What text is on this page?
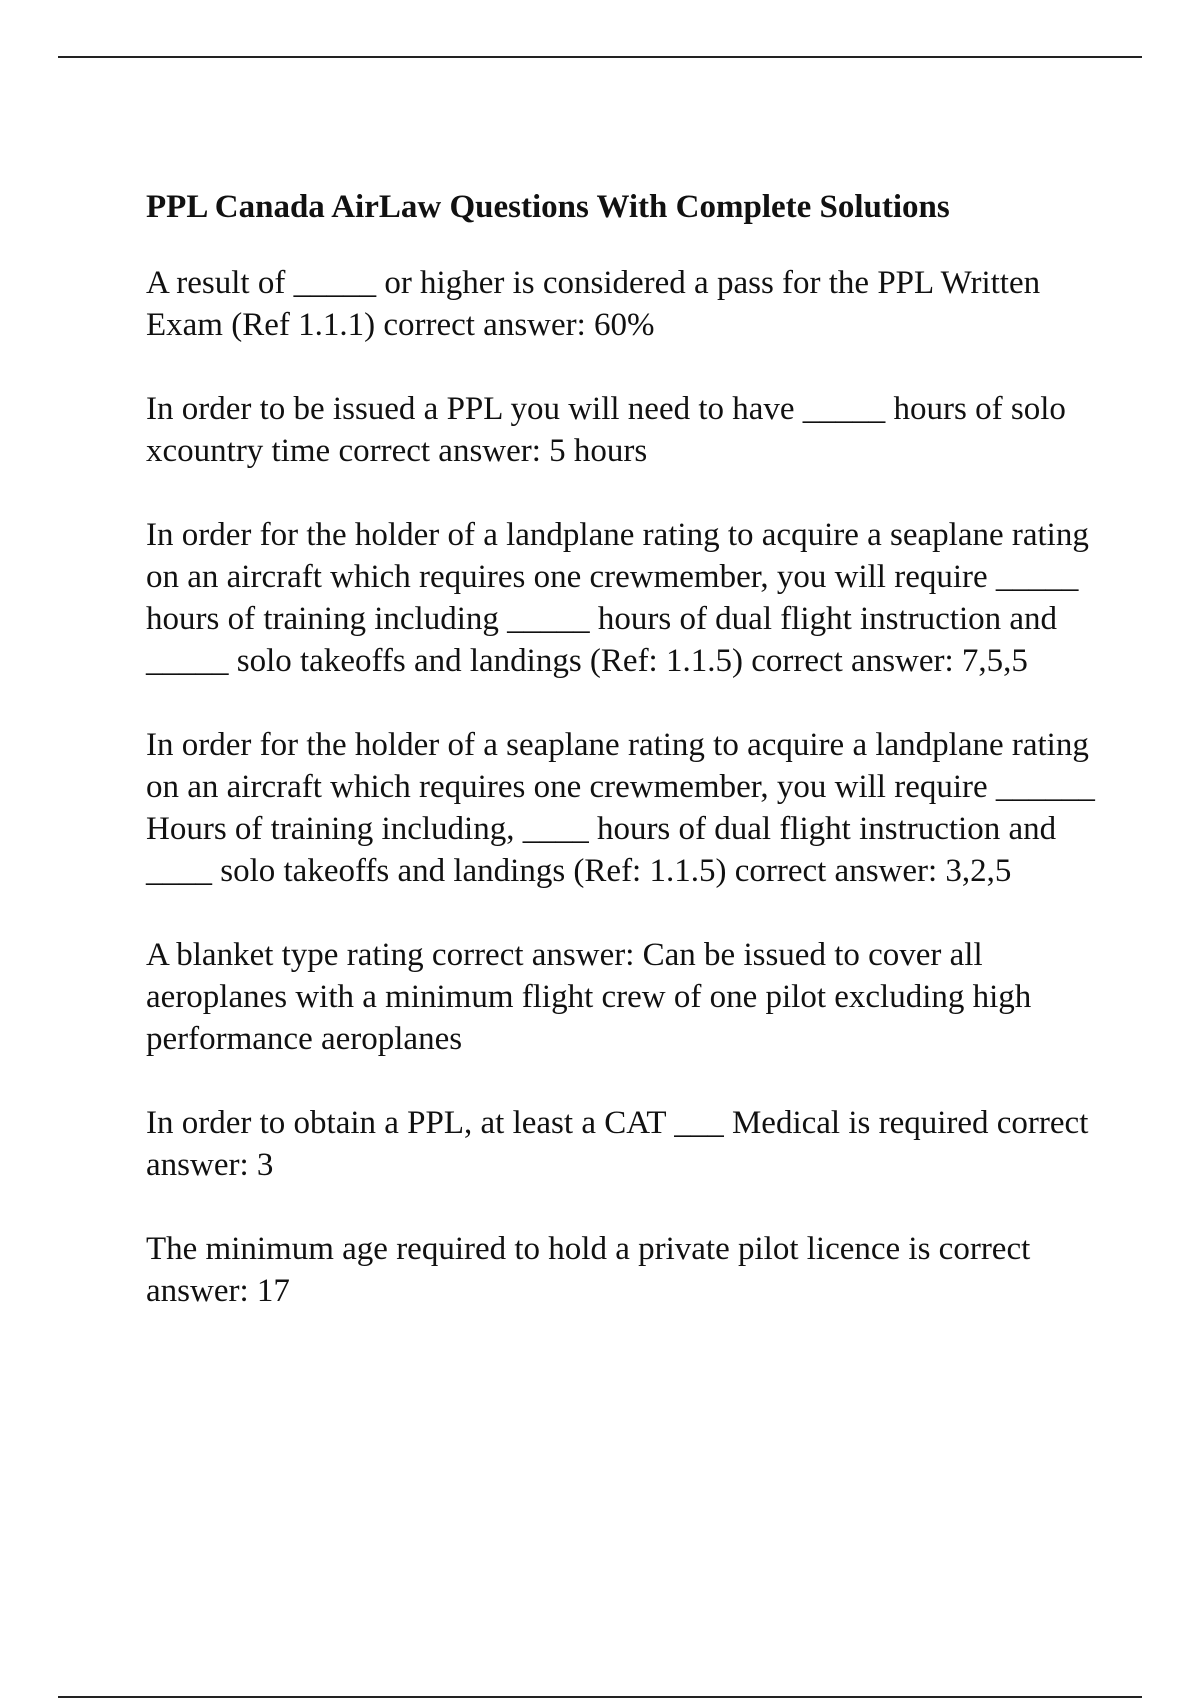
PPL Canada AirLaw Questions With Complete Solutions

A result of _____ or higher is considered a pass for the PPL Written Exam (Ref 1.1.1) correct answer: 60%

In order to be issued a PPL you will need to have _____ hours of solo xcountry time correct answer: 5 hours

In order for the holder of a landplane rating to acquire a seaplane rating on an aircraft which requires one crewmember, you will require _____ hours of training including _____ hours of dual flight instruction and _____ solo takeoffs and landings (Ref: 1.1.5) correct answer: 7,5,5

In order for the holder of a seaplane rating to acquire a landplane rating on an aircraft which requires one crewmember, you will require ______ Hours of training including, ____ hours of dual flight instruction and ____ solo takeoffs and landings (Ref: 1.1.5) correct answer: 3,2,5

A blanket type rating correct answer: Can be issued to cover all aeroplanes with a minimum flight crew of one pilot excluding high performance aeroplanes

In order to obtain a PPL, at least a CAT ___ Medical is required correct answer: 3

The minimum age required to hold a private pilot licence is correct answer: 17
